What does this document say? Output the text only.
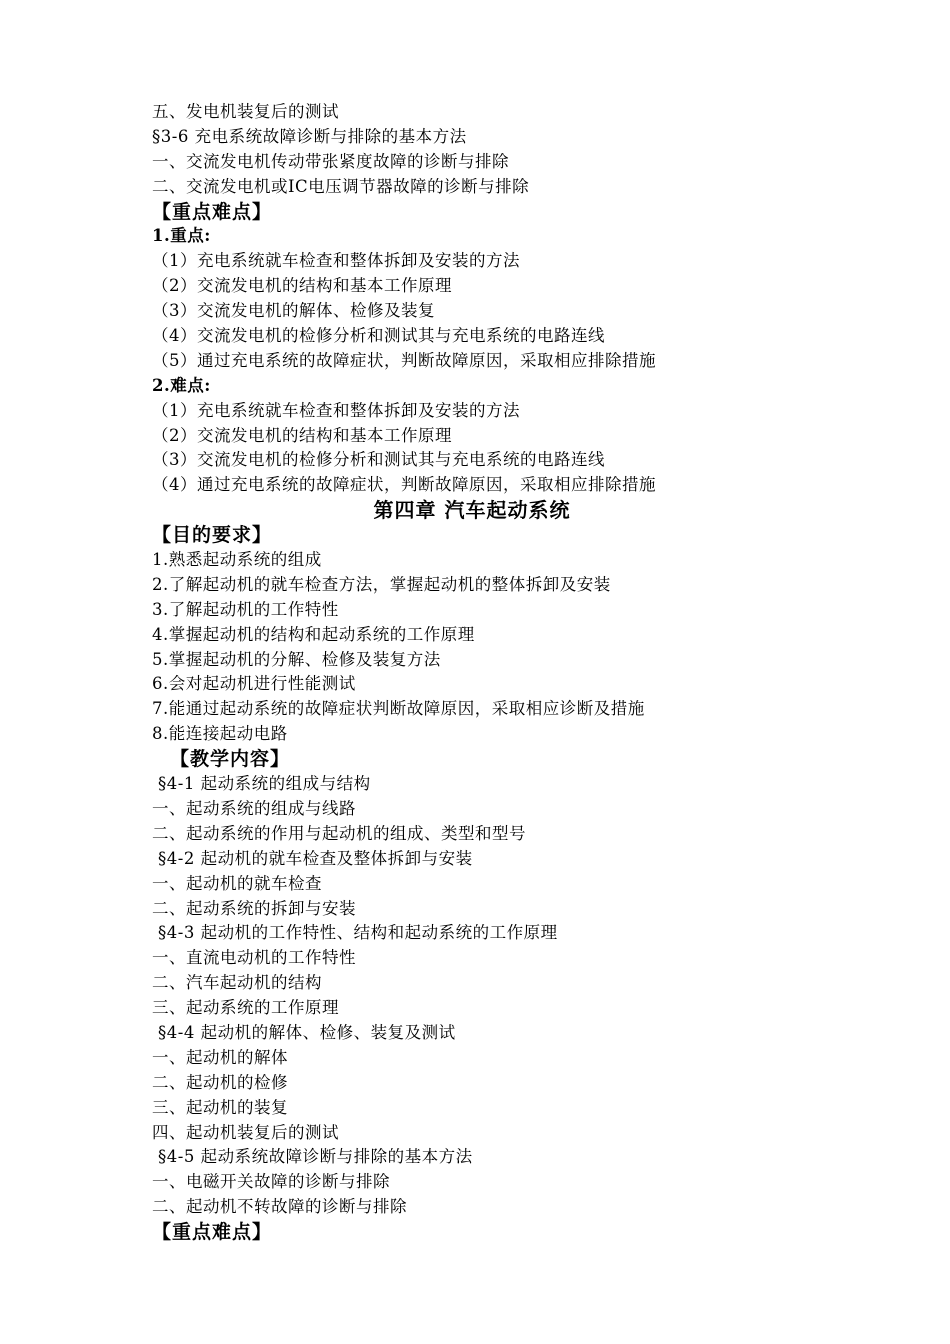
五、发电机装复后的测试
§3-6 充电系统故障诊断与排除的基本方法
一、交流发电机传动带张紧度故障的诊断与排除
二、交流发电机或IC电压调节器故障的诊断与排除
【重点难点】
1.重点:
（1）充电系统就车检查和整体拆卸及安装的方法
（2）交流发电机的结构和基本工作原理
（3）交流发电机的解体、检修及装复
（4）交流发电机的检修分析和测试其与充电系统的电路连线
（5）通过充电系统的故障症状，判断故障原因，采取相应排除措施
2.难点:
（1）充电系统就车检查和整体拆卸及安装的方法
（2）交流发电机的结构和基本工作原理
（3）交流发电机的检修分析和测试其与充电系统的电路连线
（4）通过充电系统的故障症状，判断故障原因，采取相应排除措施
第四章 汽车起动系统
【目的要求】
1.熟悉起动系统的组成
2.了解起动机的就车检查方法，掌握起动机的整体拆卸及安装
3.了解起动机的工作特性
4.掌握起动机的结构和起动系统的工作原理
5.掌握起动机的分解、检修及装复方法
6.会对起动机进行性能测试
7.能通过起动系统的故障症状判断故障原因，采取相应诊断及措施
8.能连接起动电路
【教学内容】
§4-1 起动系统的组成与结构
一、起动系统的组成与线路
二、起动系统的作用与起动机的组成、类型和型号
§4-2 起动机的就车检查及整体拆卸与安装
一、起动机的就车检查
二、起动系统的拆卸与安装
§4-3 起动机的工作特性、结构和起动系统的工作原理
一、直流电动机的工作特性
二、汽车起动机的结构
三、起动系统的工作原理
§4-4 起动机的解体、检修、装复及测试
一、起动机的解体
二、起动机的检修
三、起动机的装复
四、起动机装复后的测试
§4-5 起动系统故障诊断与排除的基本方法
一、电磁开关故障的诊断与排除
二、起动机不转故障的诊断与排除
【重点难点】
